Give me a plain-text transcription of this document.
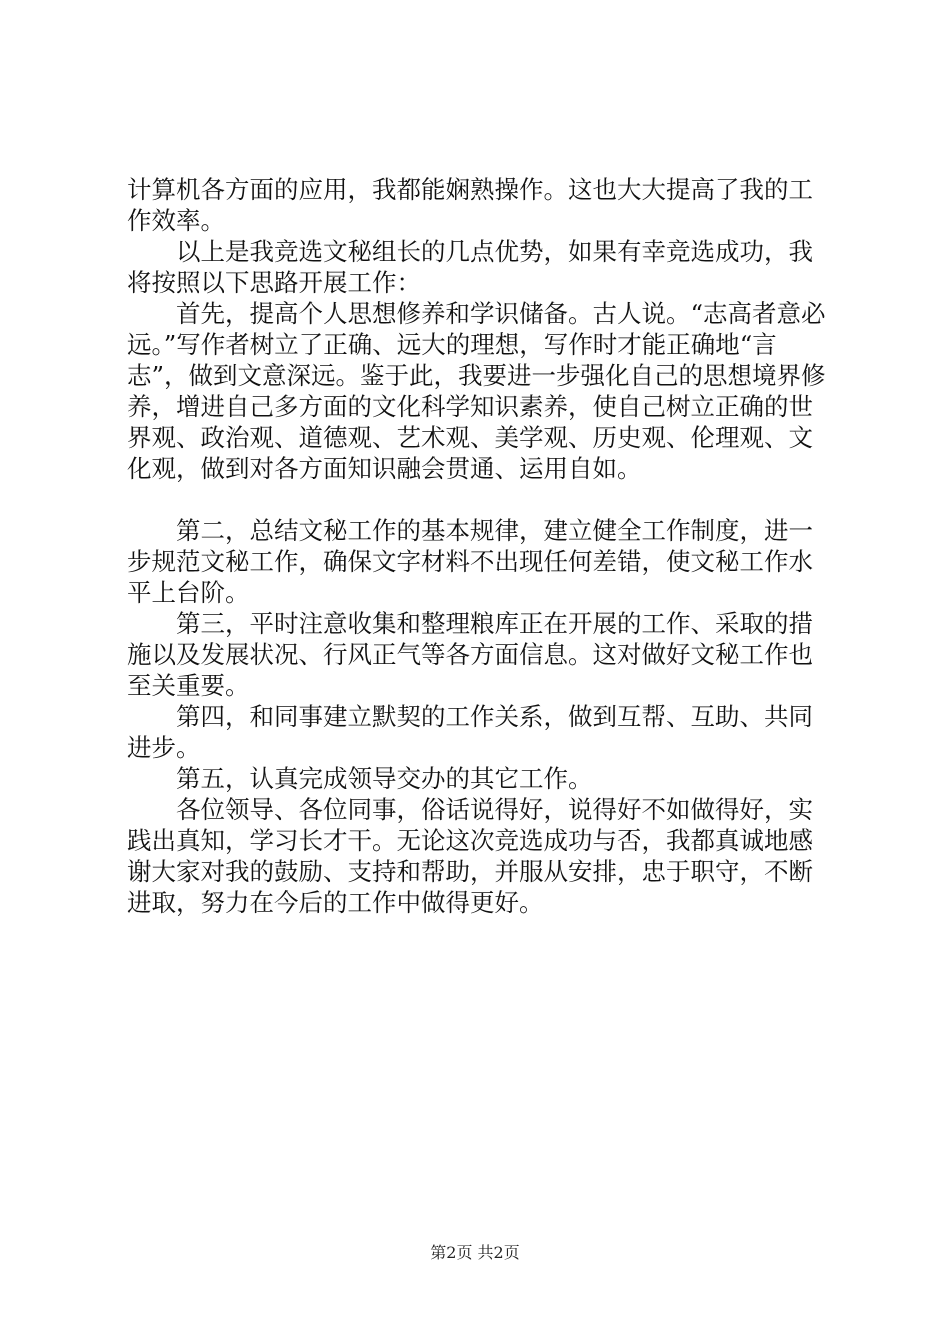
计算机各方面的应用，我都能娴熟操作。这也大大提高了我的工作效率。

　　以上是我竞选文秘组长的几点优势，如果有幸竞选成功，我将按照以下思路开展工作：

　　首先，提高个人思想修养和学识储备。古人说。“志高者意必远。”写作者树立了正确、远大的理想，写作时才能正确地“言志”，做到文意深远。鉴于此，我要进一步强化自己的思想境界修养，增进自己多方面的文化科学知识素养，使自己树立正确的世界观、政治观、道德观、艺术观、美学观、历史观、伦理观、文化观，做到对各方面知识融会贯通、运用自如。

　　第二，总结文秘工作的基本规律，建立健全工作制度，进一步规范文秘工作，确保文字材料不出现任何差错，使文秘工作水平上台阶。

　　第三，平时注意收集和整理粮库正在开展的工作、采取的措施以及发展状况、行风正气等各方面信息。这对做好文秘工作也至关重要。

　　第四，和同事建立默契的工作关系，做到互帮、互助、共同进步。

　　第五，认真完成领导交办的其它工作。

　　各位领导、各位同事，俗话说得好，说得好不如做得好，实践出真知，学习长才干。无论这次竞选成功与否，我都真诚地感谢大家对我的鼓励、支持和帮助，并服从安排，忠于职守，不断进取，努力在今后的工作中做得更好。

第2页 共2页
